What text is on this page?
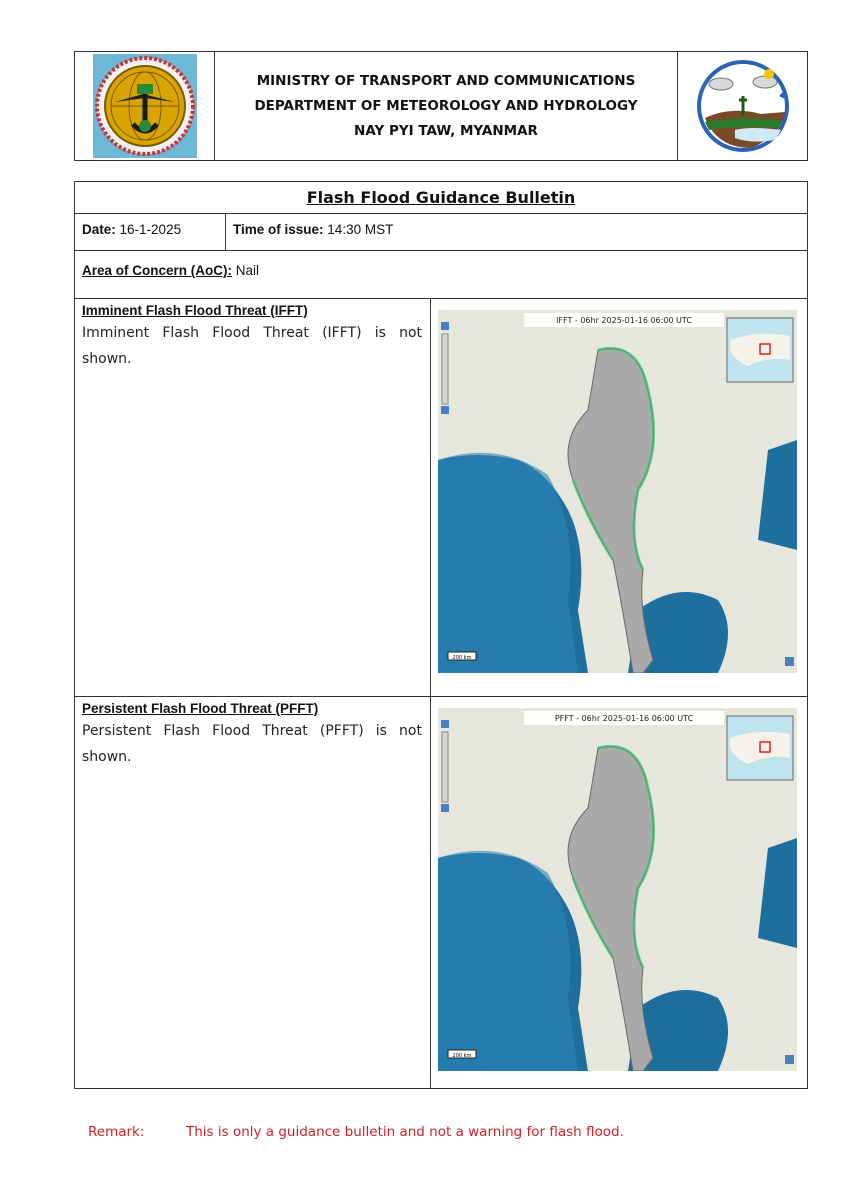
MINISTRY OF TRANSPORT AND COMMUNICATIONS
DEPARTMENT OF METEOROLOGY AND HYDROLOGY
NAY PYI TAW, MYANMAR
Flash Flood Guidance Bulletin
Date: 16-1-2025	Time of issue: 14:30 MST
Area of Concern (AoC): Nail
Imminent Flash Flood Threat (IFFT)
Imminent Flash Flood Threat (IFFT) is not shown.
IFFT - 06hr 2025-01-16 06:00 UTC
200 km
Persistent Flash Flood Threat (PFFT)
Persistent Flash Flood Threat (PFFT) is not shown.
PFFT - 06hr 2025-01-16 06:00 UTC
200 km
Remark:	This is only a guidance bulletin and not a warning for flash flood.
